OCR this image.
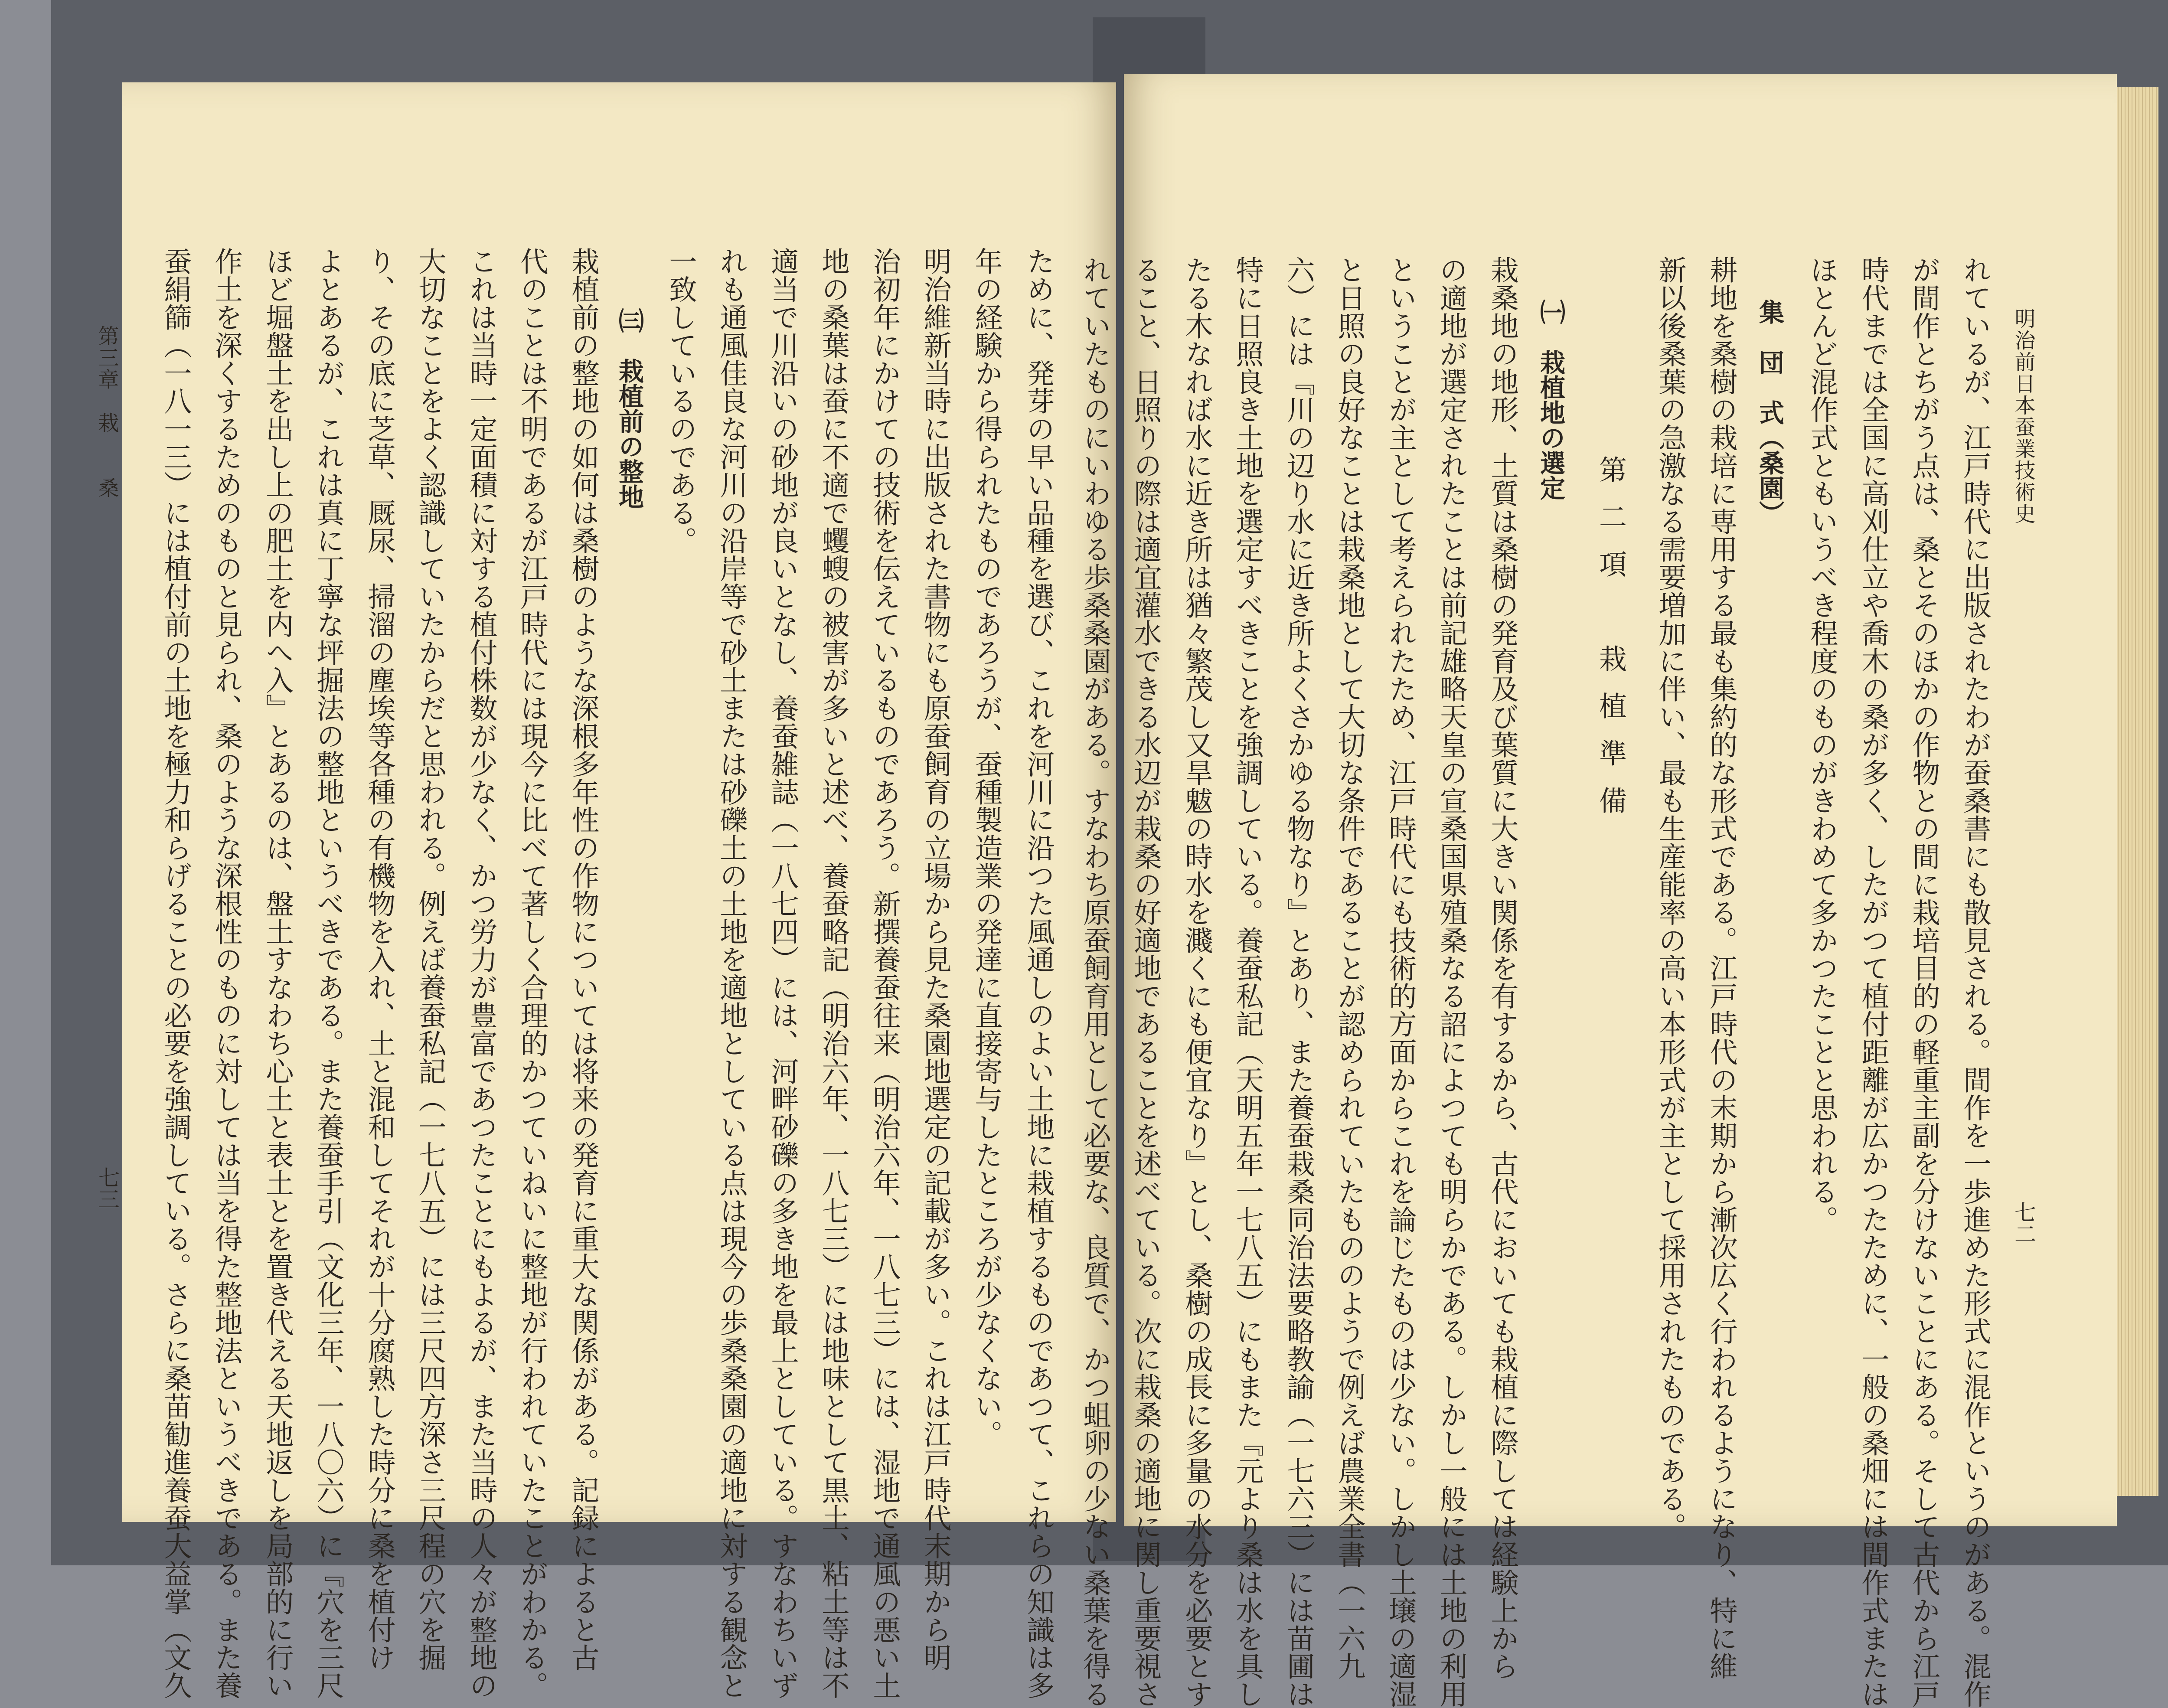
ために、発芽の早い品種を選び、これを河川に沿つた風通しのよい土地に栽植するものであつて、これらの知識は多
年の経験から得られたものであろうが、蚕種製造業の発達に直接寄与したところが少なくない。
明治維新当時に出版された書物にも原蚕飼育の立場から見た桑園地選定の記載が多い。これは江戸時代末期から明
治初年にかけての技術を伝えているものであろう。新撰養蚕往来（明治六年、一八七三）には、湿地で通風の悪い土
地の桑葉は蚕に不適で蠼螋の被害が多いと述べ、養蚕略記（明治六年、一八七三）には地味として黒土、粘土等は不
適当で川沿いの砂地が良いとなし、養蚕雑誌（一八七四）には、河畔砂礫の多き地を最上としている。すなわちいず
れも通風佳良な河川の沿岸等で砂土または砂礫土の土地を適地としている点は現今の歩桑桑園の適地に対する観念と
一致しているのである。
㈢　栽植前の整地
栽植前の整地の如何は桑樹のような深根多年性の作物については将来の発育に重大な関係がある。記録によると古
代のことは不明であるが江戸時代には現今に比べて著しく合理的かつていねいに整地が行われていたことがわかる。
これは当時一定面積に対する植付株数が少なく、かつ労力が豊富であつたことにもよるが、また当時の人々が整地の
大切なことをよく認識していたからだと思われる。例えば養蚕私記（一七八五）には三尺四方深さ三尺程の穴を掘
り、その底に芝草、厩尿、掃溜の塵埃等各種の有機物を入れ、土と混和してそれが十分腐熟した時分に桑を植付け
よとあるが、これは真に丁寧な坪掘法の整地というべきである。また養蚕手引（文化三年、一八〇六）に『穴を三尺
ほど堀盤土を出し上の肥土を内へ入』とあるのは、盤土すなわち心土と表土とを置き代える天地返しを局部的に行い
作土を深くするためのものと見られ、桑のような深根性のものに対しては当を得た整地法というべきである。また養
蚕絹篩（一八一三）には植付前の土地を極力和らげることの必要を強調している。さらに桑苗勧進養蚕大益掌（文久
第三章　栽　　桑
七三
明治前日本蚕業技術史
七二
れているが、江戸時代に出版されたわが蚕桑書にも散見される。間作を一歩進めた形式に混作というのがある。混作
が間作とちがう点は、桑とそのほかの作物との間に栽培目的の軽重主副を分けないことにある。そして古代から江戸
時代までは全国に高刈仕立や喬木の桑が多く、したがつて植付距離が広かつたために、一般の桑畑には間作式または
ほとんど混作式ともいうべき程度のものがきわめて多かつたことと思われる。
集　団　式（桑園）
耕地を桑樹の栽培に専用する最も集約的な形式である。江戸時代の末期から漸次広く行われるようになり、特に維
新以後桑葉の急激なる需要増加に伴い、最も生産能率の高い本形式が主として採用されたものである。
第二項　栽植準備
㈠　栽植地の選定
栽桑地の地形、土質は桑樹の発育及び葉質に大きい関係を有するから、古代においても栽植に際しては経験上から
の適地が選定されたことは前記雄略天皇の宣桑国県殖桑なる詔によつても明らかである。しかし一般には土地の利用
ということが主として考えられたため、江戸時代にも技術的方面からこれを論じたものは少ない。しかし土壌の適湿
と日照の良好なことは栽桑地として大切な条件であることが認められていたもののようで例えば農業全書（一六九
六）には『川の辺り水に近き所よくさかゆる物なり』とあり、また養蚕栽桑同治法要略教諭（一七六三）には苗圃は
特に日照良き土地を選定すべきことを強調している。養蚕私記（天明五年一七八五）にもまた『元より桑は水を具し
たる木なれば水に近き所は猶々繁茂し又旱魃の時水を濺くにも便宜なり』とし、桑樹の成長に多量の水分を必要とす
ること、日照りの際は適宜灌水できる水辺が栽桑の好適地であることを述べている。次に栽桑の適地に関し重要視さ
れていたものにいわゆる歩桑桑園がある。すなわち原蚕飼育用として必要な、良質で、かつ蛆卵の少ない桑葉を得る
